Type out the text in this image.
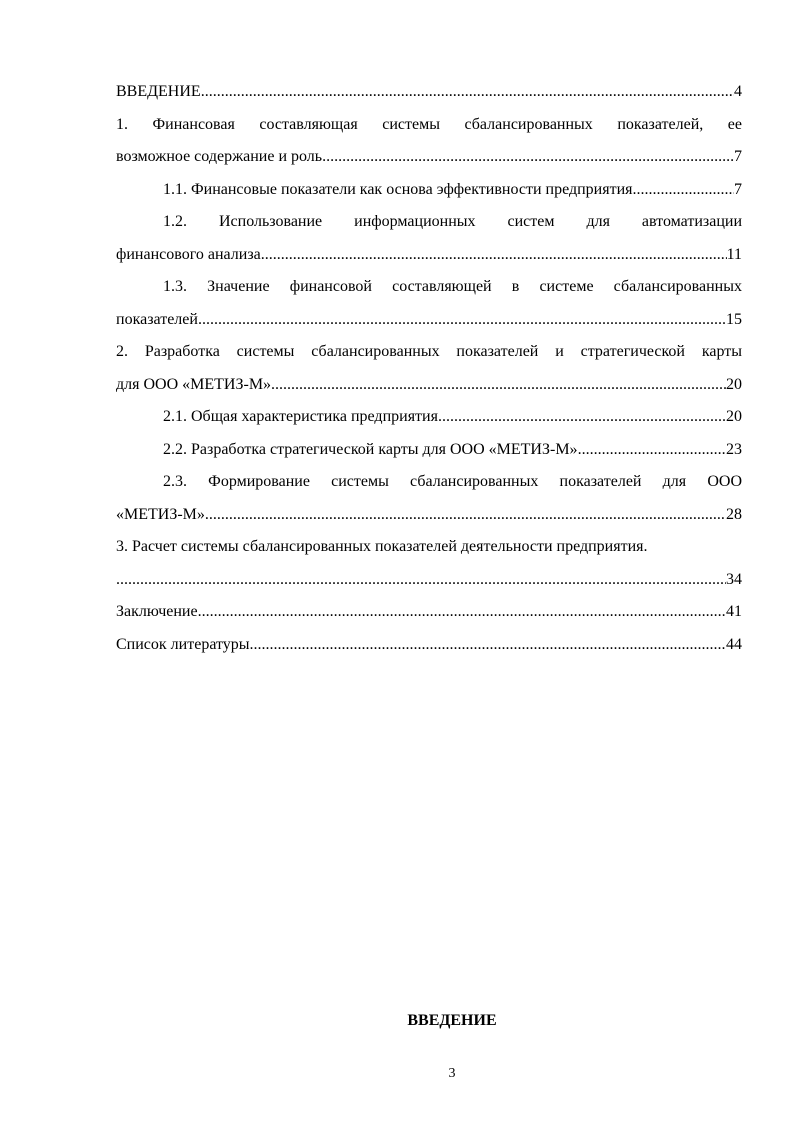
ВВЕДЕНИЕ .....	4
1. Финансовая составляющая системы сбалансированных показателей, ее
возможное содержание и роль .....	7
1.1. Финансовые показатели как основа эффективности предприятия.. .....	7
1.2. Использование информационных систем для автоматизации
финансового анализа .....	11
1.3. Значение финансовой составляющей в системе сбалансированных
показателей .....	15
2. Разработка системы сбалансированных показателей и стратегической карты
для ООО «МЕТИЗ-М» .....	20
2.1. Общая характеристика предприятия .....	20
2.2. Разработка стратегической карты для ООО «МЕТИЗ-М» .....	23
2.3. Формирование системы сбалансированных показателей для ООО
«МЕТИЗ-М» .....	28
3. Расчет системы сбалансированных показателей деятельности предприятия.
.....
34
Заключение .....	41
Список литературы .....	44
ВВЕДЕНИЕ
3
